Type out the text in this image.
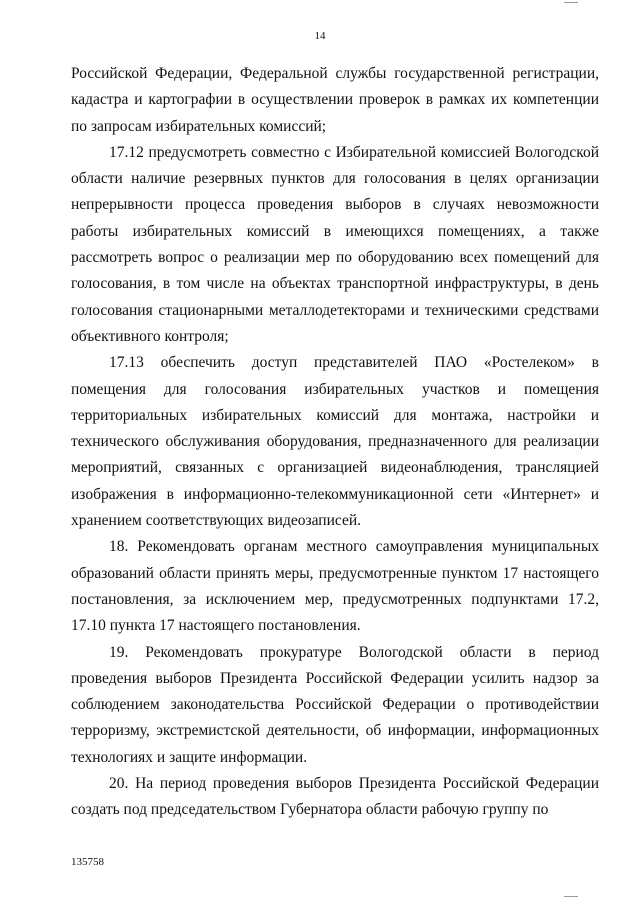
14

Российской Федерации, Федеральной службы государственной регистрации, кадастра и картографии в осуществлении проверок в рамках их компетенции по запросам избирательных комиссий;

17.12 предусмотреть совместно с Избирательной комиссией Вологодской области наличие резервных пунктов для голосования в целях организации непрерывности процесса проведения выборов в случаях невозможности работы избирательных комиссий в имеющихся помещениях, а также рассмотреть вопрос о реализации мер по оборудованию всех помещений для голосования, в том числе на объектах транспортной инфраструктуры, в день голосования стационарными металлодетекторами и техническими средствами объективного контроля;

17.13 обеспечить доступ представителей ПАО «Ростелеком» в помещения для голосования избирательных участков и помещения территориальных избирательных комиссий для монтажа, настройки и технического обслуживания оборудования, предназначенного для реализации мероприятий, связанных с организацией видеонаблюдения, трансляцией изображения в информационно-телекоммуникационной сети «Интернет» и хранением соответствующих видеозаписей.

18. Рекомендовать органам местного самоуправления муниципальных образований области принять меры, предусмотренные пунктом 17 настоящего постановления, за исключением мер, предусмотренных подпунктами 17.2, 17.10 пункта 17 настоящего постановления.

19. Рекомендовать прокуратуре Вологодской области в период проведения выборов Президента Российской Федерации усилить надзор за соблюдением законодательства Российской Федерации о противодействии терроризму, экстремистской деятельности, об информации, информационных технологиях и защите информации.

20. На период проведения выборов Президента Российской Федерации создать под председательством Губернатора области рабочую группу по

135758
